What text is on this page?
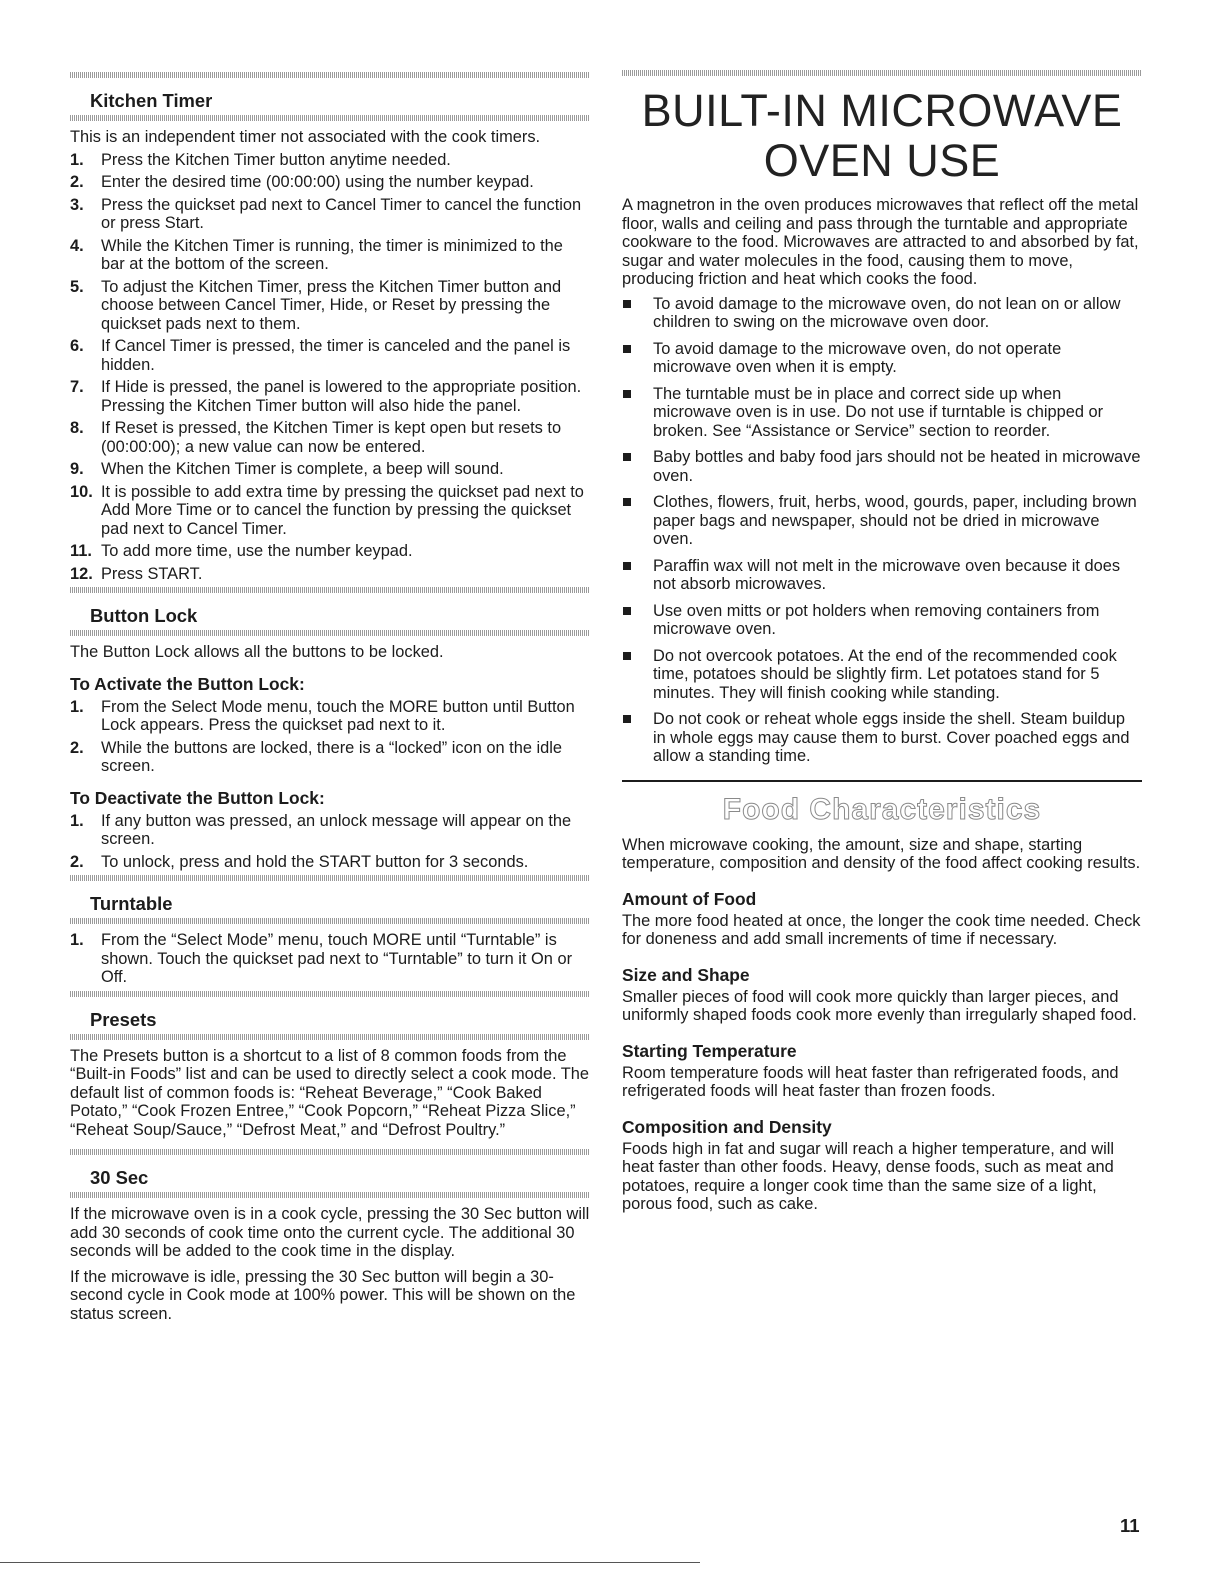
Kitchen Timer

This is an independent timer not associated with the cook timers.

1. Press the Kitchen Timer button anytime needed.
2. Enter the desired time (00:00:00) using the number keypad.
3. Press the quickset pad next to Cancel Timer to cancel the function or press Start.
4. While the Kitchen Timer is running, the timer is minimized to the bar at the bottom of the screen.
5. To adjust the Kitchen Timer, press the Kitchen Timer button and choose between Cancel Timer, Hide, or Reset by pressing the quickset pads next to them.
6. If Cancel Timer is pressed, the timer is canceled and the panel is hidden.
7. If Hide is pressed, the panel is lowered to the appropriate position. Pressing the Kitchen Timer button will also hide the panel.
8. If Reset is pressed, the Kitchen Timer is kept open but resets to (00:00:00); a new value can now be entered.
9. When the Kitchen Timer is complete, a beep will sound.
10. It is possible to add extra time by pressing the quickset pad next to Add More Time or to cancel the function by pressing the quickset pad next to Cancel Timer.
11. To add more time, use the number keypad.
12. Press START.
Button Lock

The Button Lock allows all the buttons to be locked.

To Activate the Button Lock:
1. From the Select Mode menu, touch the MORE button until Button Lock appears. Press the quickset pad next to it.
2. While the buttons are locked, there is a “locked” icon on the idle screen.
To Deactivate the Button Lock:
1. If any button was pressed, an unlock message will appear on the screen.
2. To unlock, press and hold the START button for 3 seconds.
Turntable
1. From the “Select Mode” menu, touch MORE until “Turntable” is shown. Touch the quickset pad next to “Turntable” to turn it On or Off.
Presets

The Presets button is a shortcut to a list of 8 common foods from the “Built-in Foods” list and can be used to directly select a cook mode. The default list of common foods is: “Reheat Beverage,” “Cook Baked Potato,” “Cook Frozen Entree,” “Cook Popcorn,” “Reheat Pizza Slice,” “Reheat Soup/Sauce,” “Defrost Meat,” and “Defrost Poultry.”

30 Sec

If the microwave oven is in a cook cycle, pressing the 30 Sec button will add 30 seconds of cook time onto the current cycle. The additional 30 seconds will be added to the cook time in the display.

If the microwave is idle, pressing the 30 Sec button will begin a 30-second cycle in Cook mode at 100% power. This will be shown on the status screen.

BUILT-IN MICROWAVE OVEN USE

A magnetron in the oven produces microwaves that reflect off the metal floor, walls and ceiling and pass through the turntable and appropriate cookware to the food. Microwaves are attracted to and absorbed by fat, sugar and water molecules in the food, causing them to move, producing friction and heat which cooks the food.

To avoid damage to the microwave oven, do not lean on or allow children to swing on the microwave oven door.
To avoid damage to the microwave oven, do not operate microwave oven when it is empty.
The turntable must be in place and correct side up when microwave oven is in use. Do not use if turntable is chipped or broken. See “Assistance or Service” section to reorder.
Baby bottles and baby food jars should not be heated in microwave oven.
Clothes, flowers, fruit, herbs, wood, gourds, paper, including brown paper bags and newspaper, should not be dried in microwave oven.
Paraffin wax will not melt in the microwave oven because it does not absorb microwaves.
Use oven mitts or pot holders when removing containers from microwave oven.
Do not overcook potatoes. At the end of the recommended cook time, potatoes should be slightly firm. Let potatoes stand for 5 minutes. They will finish cooking while standing.
Do not cook or reheat whole eggs inside the shell. Steam buildup in whole eggs may cause them to burst. Cover poached eggs and allow a standing time.
Food Characteristics

When microwave cooking, the amount, size and shape, starting temperature, composition and density of the food affect cooking results.

Amount of Food

The more food heated at once, the longer the cook time needed. Check for doneness and add small increments of time if necessary.

Size and Shape

Smaller pieces of food will cook more quickly than larger pieces, and uniformly shaped foods cook more evenly than irregularly shaped food.

Starting Temperature

Room temperature foods will heat faster than refrigerated foods, and refrigerated foods will heat faster than frozen foods.

Composition and Density

Foods high in fat and sugar will reach a higher temperature, and will heat faster than other foods. Heavy, dense foods, such as meat and potatoes, require a longer cook time than the same size of a light, porous food, such as cake.

11
